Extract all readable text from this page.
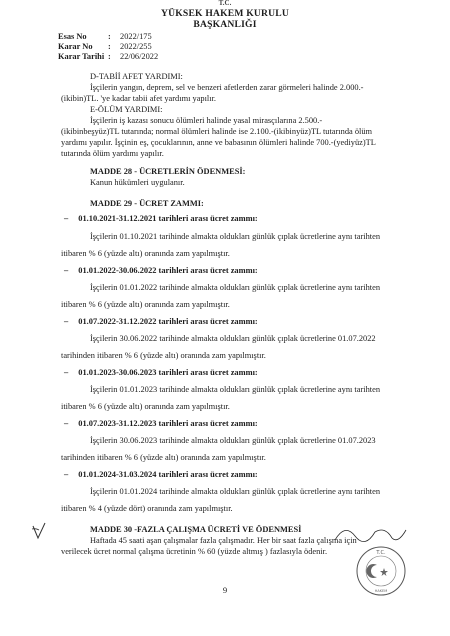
T.C.
YÜKSEK HAKEM KURULU
BAŞKANLIĞI
Esas No	: 2022/175
Karar No : 2022/255
Karar Tarihi : 22/06/2022
D-TABİİ AFET YARDIMI:
İşçilerin yangın, deprem, sel ve benzeri afetlerden zarar görmeleri halinde 2.000.-
(ikibin)TL. 'ye kadar tabii afet yardımı yapılır.
E-ÖLÜM YARDIMI:
İşçilerin iş kazası sonucu ölümleri halinde yasal mirasçılarına 2.500.-
(ikibinbeşyüz)TL tutarında; normal ölümleri halinde ise 2.100.-(ikibinyüz)TL tutarında ölüm
yardımı yapılır. İşçinin eş, çocuklarının, anne ve babasının ölümleri halinde 700.-(yediyüz)TL
tutarında ölüm yardımı yapılır.
MADDE 28 - ÜCRETLERİN ÖDENMESİ:
Kanun hükümleri uygulanır.
MADDE 29 - ÜCRET ZAMMI:
– 01.10.2021-31.12.2021 tarihleri arası ücret zammı:
İşçilerin 01.10.2021 tarihinde almakta oldukları günlük çıplak ücretlerine aynı tarihten
itibaren % 6 (yüzde altı) oranında zam yapılmıştır.
– 01.01.2022-30.06.2022 tarihleri arası ücret zammı:
İşçilerin 01.01.2022 tarihinde almakta oldukları günlük çıplak ücretlerine aynı tarihten
itibaren % 6 (yüzde altı) oranında zam yapılmıştır.
– 01.07.2022-31.12.2022 tarihleri arası ücret zammı:
İşçilerin 30.06.2022 tarihinde almakta oldukları günlük çıplak ücretlerine 01.07.2022
tarihinden itibaren % 6 (yüzde altı) oranında zam yapılmıştır.
– 01.01.2023-30.06.2023 tarihleri arası ücret zammı:
İşçilerin 01.01.2023 tarihinde almakta oldukları günlük çıplak ücretlerine aynı tarihten
itibaren % 6 (yüzde altı) oranında zam yapılmıştır.
– 01.07.2023-31.12.2023 tarihleri arası ücret zammı:
İşçilerin 30.06.2023 tarihinde almakta oldukları günlük çıplak ücretlerine 01.07.2023
tarihinden itibaren % 6 (yüzde altı) oranında zam yapılmıştır.
– 01.01.2024-31.03.2024 tarihleri arası ücret zammı:
İşçilerin 01.01.2024 tarihinde almakta oldukları günlük çıplak ücretlerine aynı tarihten
itibaren % 4 (yüzde dört) oranında zam yapılmıştır.
MADDE 30 -FAZLA ÇALIŞMA ÜCRETİ VE ÖDENMESİ
Haftada 45 saati aşan çalışmalar fazla çalışmadır. Her bir saat fazla çalışma için
verilecek ücret normal çalışma ücretinin % 60 (yüzde altmış ) fazlasıyla ödenir.	T.C.
HAKEM
9
